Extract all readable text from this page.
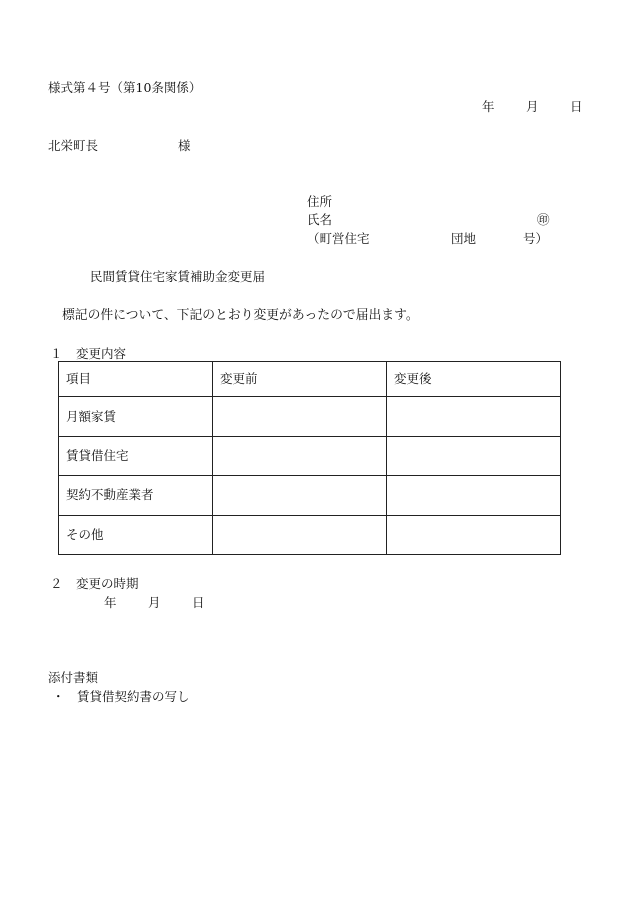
様式第４号（第10条関係）
年	月	日
北栄町長	様
住所
氏名	㊞
（町営住宅	団地	号）
民間賃貸住宅家賃補助金変更届
標記の件について、下記のとおり変更があったので届出ます。
１ 変更内容
項目	変更前	変更後
月額家賃		
賃貸借住宅		
契約不動産業者		
その他		
２ 変更の時期
年	月	日
添付書類
・ 賃貸借契約書の写し
